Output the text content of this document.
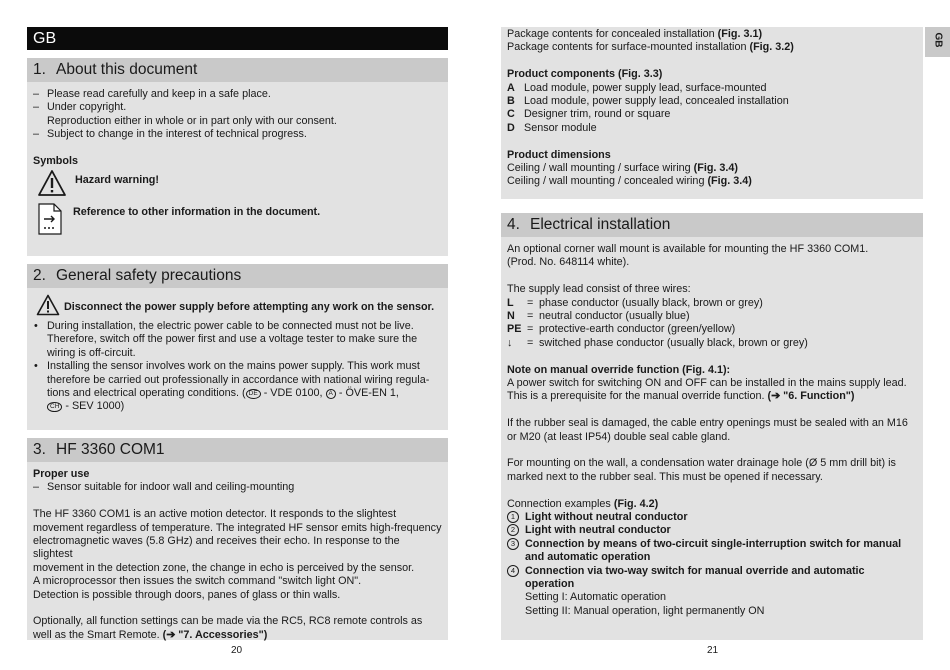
GB
1. About this document
– Please read carefully and keep in a safe place.
– Under copyright.
Reproduction either in whole or in part only with our consent.
– Subject to change in the interest of technical progress.
Symbols
Hazard warning!
Reference to other information in the document.
2. General safety precautions
Disconnect the power supply before attempting any work on the sensor.
• During installation, the electric power cable to be connected must not be live.
Therefore, switch off the power first and use a voltage tester to make sure the
wiring is off-circuit.
• Installing the sensor involves work on the mains power supply. This work must
therefore be carried out professionally in accordance with national wiring regula-
tions and electrical operating conditions. ( DE - VDE 0100, A - ÖVE-EN 1,
CH - SEV 1000)
3. HF 3360 COM1
Proper use
– Sensor suitable for indoor wall and ceiling-mounting
The HF 3360 COM1 is an active motion detector. It responds to the slightest
movement regardless of temperature. The integrated HF sensor emits high-frequency
electromagnetic waves (5.8 GHz) and receives their echo. In response to the slightest
movement in the detection zone, the change in echo is perceived by the sensor.
A microprocessor then issues the switch command "switch light ON".
Detection is possible through doors, panes of glass or thin walls.
Optionally, all function settings can be made via the RC5, RC8 remote controls as
well as the Smart Remote. (➔ "7. Accessories")
20
Package contents for concealed installation (Fig. 3.1)
Package contents for surface-mounted installation (Fig. 3.2)
Product components (Fig. 3.3)
A Load module, power supply lead, surface-mounted
B Load module, power supply lead, concealed installation
C Designer trim, round or square
D Sensor module
Product dimensions
Ceiling / wall mounting / surface wiring (Fig. 3.4)
Ceiling / wall mounting / concealed wiring (Fig. 3.4)
4. Electrical installation
An optional corner wall mount is available for mounting the HF 3360 COM1.
(Prod. No. 648114 white).
The supply lead consist of three wires:
L	= phase conductor (usually black, brown or grey)
N	= neutral conductor (usually blue)
PE = protective-earth conductor (green/yellow)
↓	= switched phase conductor (usually black, brown or grey)
Note on manual override function (Fig. 4.1):
A power switch for switching ON and OFF can be installed in the mains supply lead.
This is a prerequisite for the manual override function. (➔ "6. Function")
If the rubber seal is damaged, the cable entry openings must be sealed with an M16
or M20 (at least IP54) double seal cable gland.
For mounting on the wall, a condensation water drainage hole (Ø 5 mm drill bit) is
marked next to the rubber seal. This must be opened if necessary.
Connection examples (Fig. 4.2)
1 Light without neutral conductor
2 Light with neutral conductor
3 Connection by means of two-circuit single-interruption switch for manual
and automatic operation
4 Connection via two-way switch for manual override and automatic
operation
Setting I: Automatic operation
Setting II: Manual operation, light permanently ON
21
GB
